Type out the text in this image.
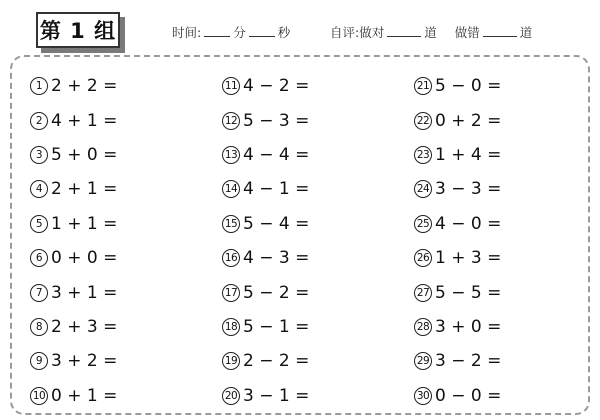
第 1 组	时间:	分	秒	自评:做对	道 做错	道
1 2 + 2 =
2 4 + 1 =
3 5 + 0 =
4 2 + 1 =
5 1 + 1 =
6 0 + 0 =
7 3 + 1 =
8 2 + 3 =
9 3 + 2 =
10 0 + 1 =
11 4 − 2 =
12 5 − 3 =
13 4 − 4 =
14 4 − 1 =
15 5 − 4 =
16 4 − 3 =
17 5 − 2 =
18 5 − 1 =
19 2 − 2 =
20 3 − 1 =
21 5 − 0 =
22 0 + 2 =
23 1 + 4 =
24 3 − 3 =
25 4 − 0 =
26 1 + 3 =
27 5 − 5 =
28 3 + 0 =
29 3 − 2 =
30 0 − 0 =
